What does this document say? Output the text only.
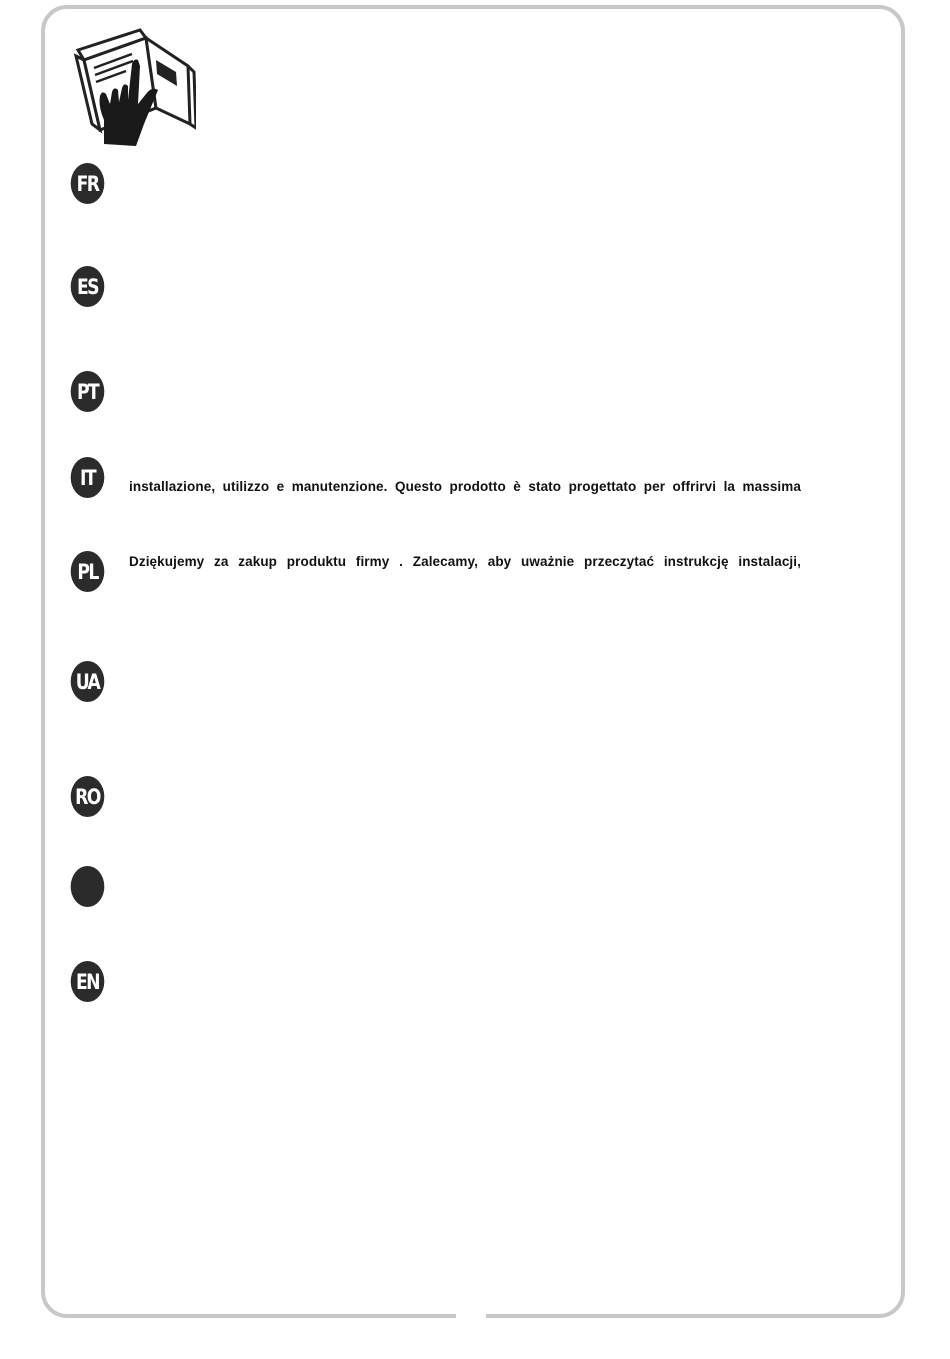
FR
ES
PT
IT	installazione, utilizzo e manutenzione. Questo prodotto è stato progettato per offrirvi la massima
PL	Dziękujemy za zakup produktu firmy . Zalecamy, aby uważnie przeczytać instrukcję instalacji,
UA
RO
EN
